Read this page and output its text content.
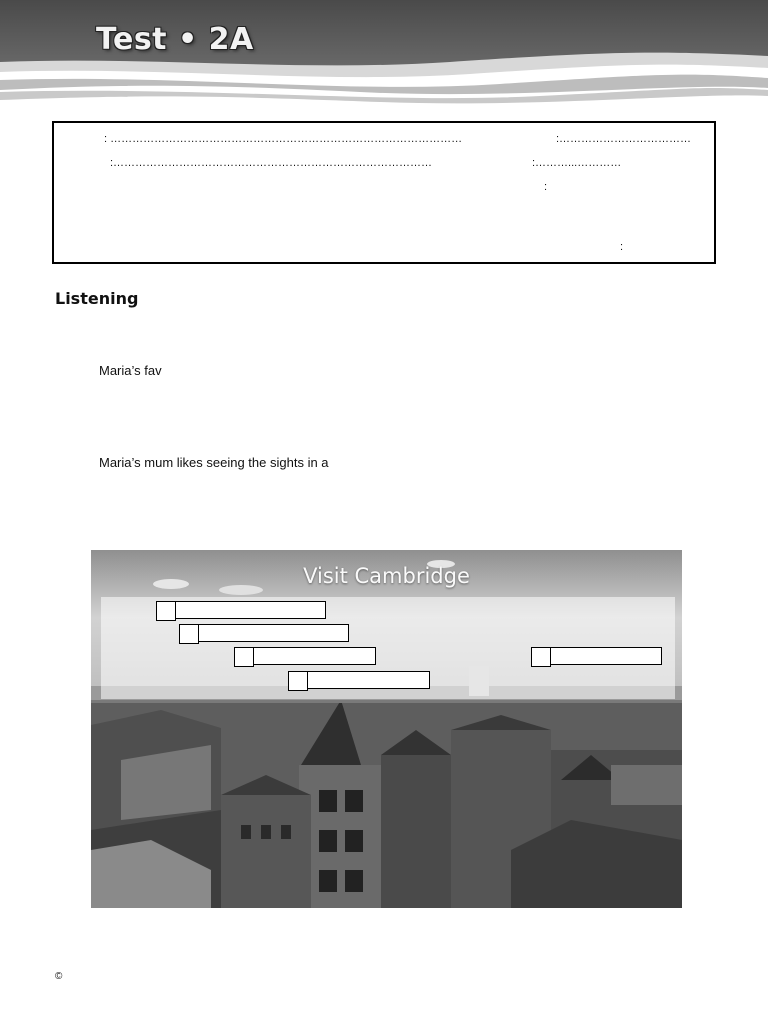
Test • 2A
: ……………………………………………………………………………………	:………………………………
:……………………………………………………………………………	:………...…………
:
:
Listening
Maria’s fav
Maria’s mum likes seeing the sights in a
Visit Cambridge
©
